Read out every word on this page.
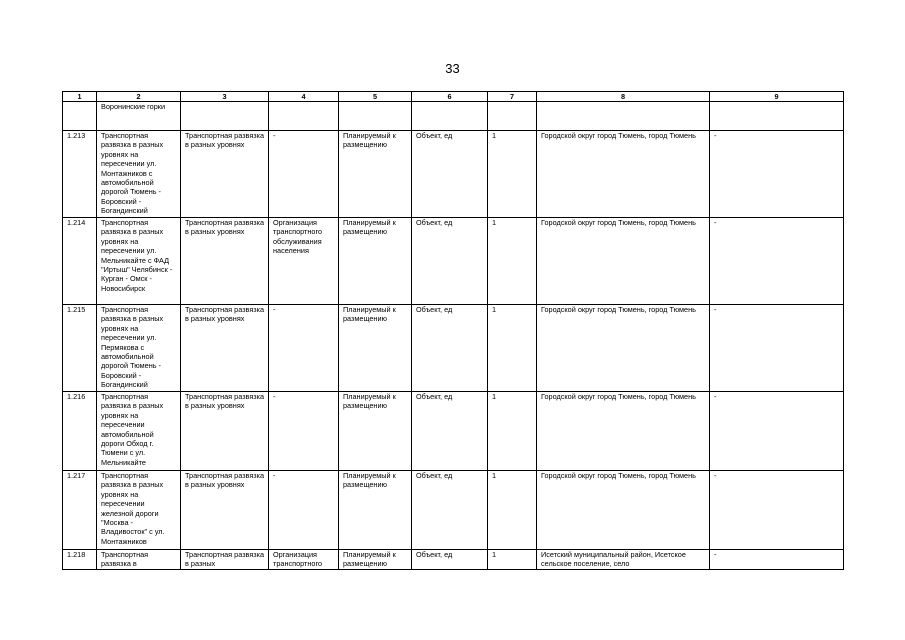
33
1	2	3	4	5	6	7	8	9
	Воронинские горки							
1.213	Транспортная развязка в разных уровнях на пересечении ул. Монтажников с автомобильной дорогой Тюмень - Боровский - Богандинский	Транспортная развязка в разных уровнях	-	Планируемый к размещению	Объект, ед	1	Городской округ город Тюмень, город Тюмень	-
1.214	Транспортная развязка в разных уровнях на пересечении ул. Мельникайте с ФАД "Иртыш" Челябинск - Курган - Омск - Новосибирск	Транспортная развязка в разных уровнях	Организация транспортного обслуживания населения	Планируемый к размещению	Объект, ед	1	Городской округ город Тюмень, город Тюмень	-
1.215	Транспортная развязка в разных уровнях на пересечении ул. Пермякова с автомобильной дорогой Тюмень - Боровский - Богандинский	Транспортная развязка в разных уровнях	-	Планируемый к размещению	Объект, ед	1	Городской округ город Тюмень, город Тюмень	-
1.216	Транспортная развязка в разных уровнях на пересечении автомобильной дороги Обход г. Тюмени с ул. Мельникайте	Транспортная развязка в разных уровнях	-	Планируемый к размещению	Объект, ед	1	Городской округ город Тюмень, город Тюмень	-
1.217	Транспортная развязка в разных уровнях на пересечении железной дороги "Москва - Владивосток" с ул. Монтажников	Транспортная развязка в разных уровнях	-	Планируемый к размещению	Объект, ед	1	Городской округ город Тюмень, город Тюмень	-
1.218	Транспортная развязка в	Транспортная развязка в разных	Организация транспортного	Планируемый к размещению	Объект, ед	1	Исетский муниципальный район, Исетское сельское поселение, село	-
